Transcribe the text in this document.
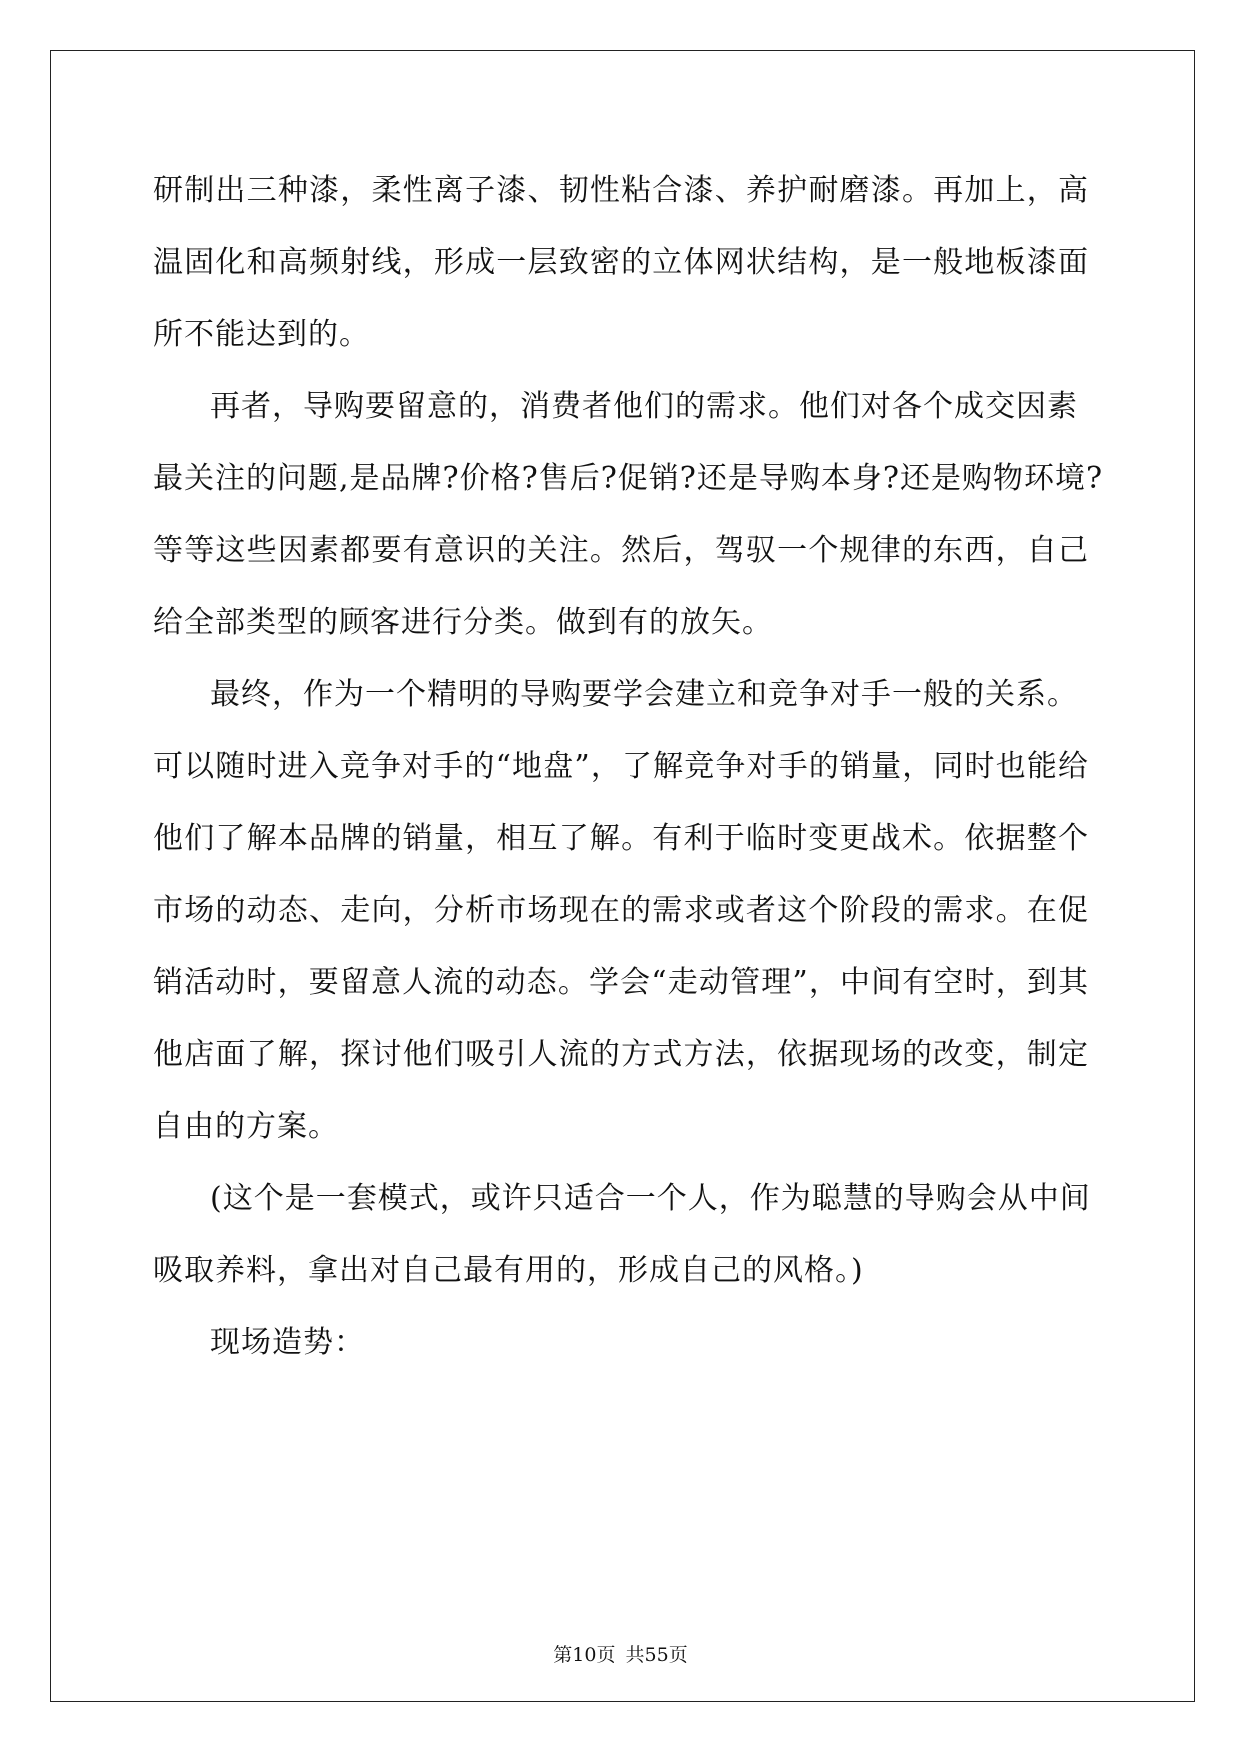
研制出三种漆，柔性离子漆、韧性粘合漆、养护耐磨漆。再加上，高
温固化和高频射线，形成一层致密的立体网状结构，是一般地板漆面
所不能达到的。
再者，导购要留意的，消费者他们的需求。他们对各个成交因素
最关注的问题,是品牌?价格?售后?促销?还是导购本身?还是购物环境?
等等这些因素都要有意识的关注。然后，驾驭一个规律的东西，自己
给全部类型的顾客进行分类。做到有的放矢。
最终，作为一个精明的导购要学会建立和竞争对手一般的关系。
可以随时进入竞争对手的“地盘”，了解竞争对手的销量，同时也能给
他们了解本品牌的销量，相互了解。有利于临时变更战术。依据整个
市场的动态、走向，分析市场现在的需求或者这个阶段的需求。在促
销活动时，要留意人流的动态。学会“走动管理”，中间有空时，到其
他店面了解，探讨他们吸引人流的方式方法，依据现场的改变，制定
自由的方案。
(这个是一套模式，或许只适合一个人，作为聪慧的导购会从中间
吸取养料，拿出对自己最有用的，形成自己的风格。)
现场造势：
第10页 共55页
